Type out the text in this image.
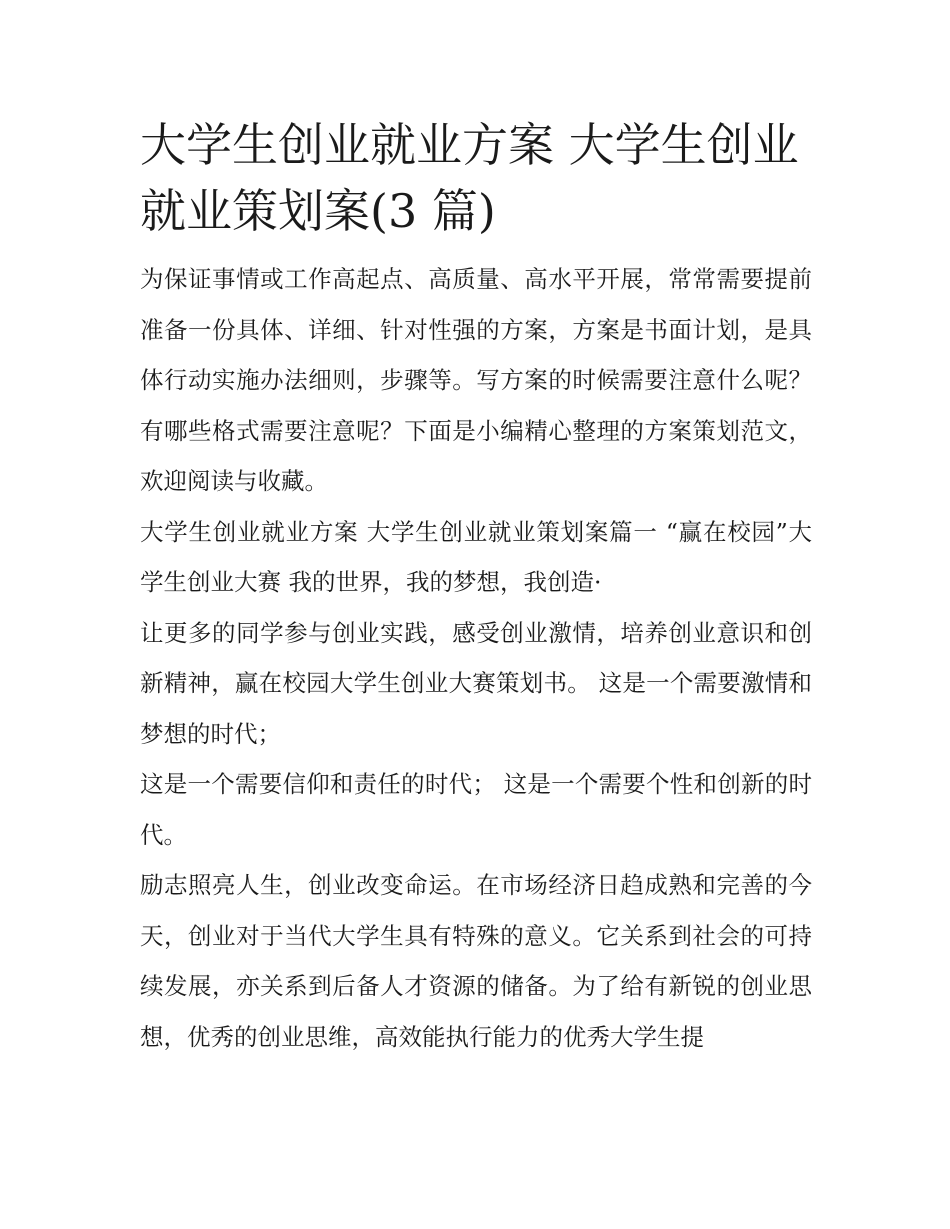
大学生创业就业方案 大学生创业就业策划案(3 篇)

为保证事情或工作高起点、高质量、高水平开展，常常需要提前准备一份具体、详细、针对性强的方案，方案是书面计划，是具体行动实施办法细则，步骤等。写方案的时候需要注意什么呢？有哪些格式需要注意呢？下面是小编精心整理的方案策划范文，欢迎阅读与收藏。

大学生创业就业方案 大学生创业就业策划案篇一 “赢在校园”大学生创业大赛 我的世界，我的梦想，我创造·

让更多的同学参与创业实践，感受创业激情，培养创业意识和创新精神，赢在校园大学生创业大赛策划书。 这是一个需要激情和梦想的时代；

这是一个需要信仰和责任的时代； 这是一个需要个性和创新的时代。

励志照亮人生，创业改变命运。在市场经济日趋成熟和完善的今天，创业对于当代大学生具有特殊的意义。它关系到社会的可持续发展，亦关系到后备人才资源的储备。为了给有新锐的创业思想，优秀的创业思维，高效能执行能力的优秀大学生提
